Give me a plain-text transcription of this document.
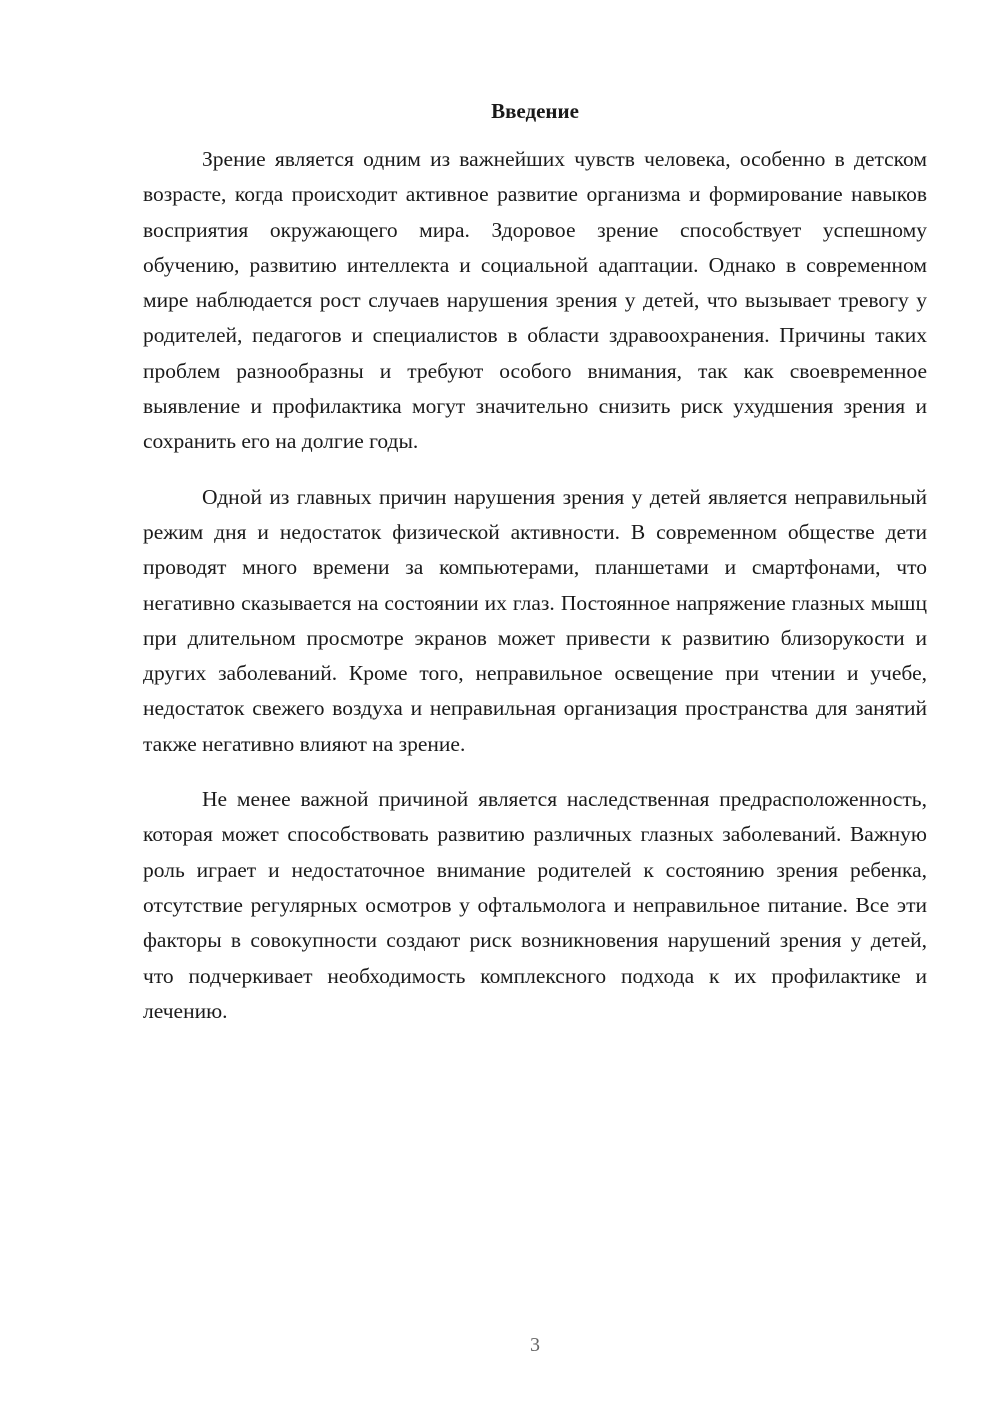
Введение

Зрение является одним из важнейших чувств человека, особенно в детском возрасте, когда происходит активное развитие организма и формирование навыков восприятия окружающего мира. Здоровое зрение способствует успешному обучению, развитию интеллекта и социальной адаптации. Однако в современном мире наблюдается рост случаев нарушения зрения у детей, что вызывает тревогу у родителей, педагогов и специалистов в области здравоохранения. Причины таких проблем разнообразны и требуют особого внимания, так как своевременное выявление и профилактика могут значительно снизить риск ухудшения зрения и сохранить его на долгие годы.

Одной из главных причин нарушения зрения у детей является неправильный режим дня и недостаток физической активности. В современном обществе дети проводят много времени за компьютерами, планшетами и смартфонами, что негативно сказывается на состоянии их глаз. Постоянное напряжение глазных мышц при длительном просмотре экранов может привести к развитию близорукости и других заболеваний. Кроме того, неправильное освещение при чтении и учебе, недостаток свежего воздуха и неправильная организация пространства для занятий также негативно влияют на зрение.

Не менее важной причиной является наследственная предрасположенность, которая может способствовать развитию различных глазных заболеваний. Важную роль играет и недостаточное внимание родителей к состоянию зрения ребенка, отсутствие регулярных осмотров у офтальмолога и неправильное питание. Все эти факторы в совокупности создают риск возникновения нарушений зрения у детей, что подчеркивает необходимость комплексного подхода к их профилактике и лечению.

3
